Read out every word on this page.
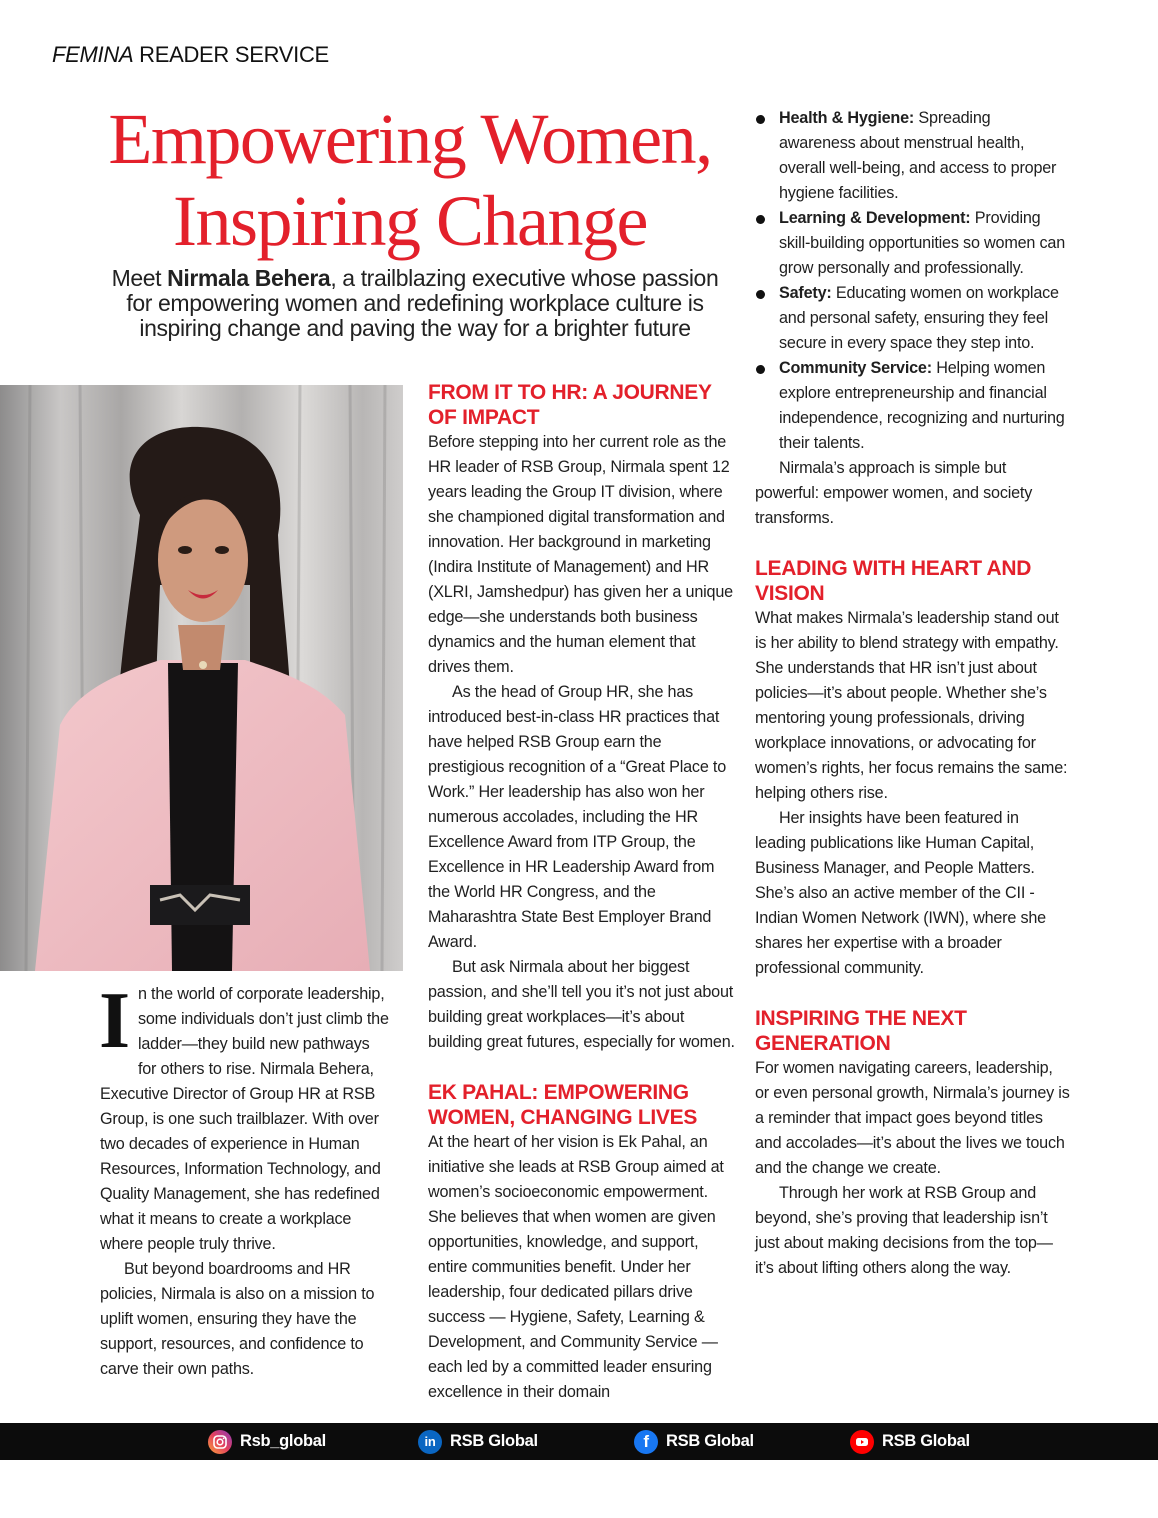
FEMINA READER SERVICE
Empowering Women,
Inspiring Change
Meet Nirmala Behera, a trailblazing executive whose passion for empowering women and redefining workplace culture is inspiring change and paving the way for a brighter future
I n the world of corporate leadership, some individuals don’t just climb the ladder—they build new pathways for others to rise. Nirmala Behera, Executive Director of Group HR at RSB Group, is one such trailblazer. With over two decades of experience in Human Resources, Information Technology, and Quality Management, she has redefined what it means to create a workplace where people truly thrive.

But beyond boardrooms and HR policies, Nirmala is also on a mission to uplift women, ensuring they have the support, resources, and confidence to carve their own paths.

FROM IT TO HR: A JOURNEY OF IMPACT

Before stepping into her current role as the HR leader of RSB Group, Nirmala spent 12 years leading the Group IT division, where she championed digital transformation and innovation. Her background in marketing (Indira Institute of Management) and HR (XLRI, Jamshedpur) has given her a unique edge—she understands both business dynamics and the human element that drives them.

As the head of Group HR, she has introduced best-in-class HR practices that have helped RSB Group earn the prestigious recognition of a “Great Place to Work.” Her leadership has also won her numerous accolades, including the HR Excellence Award from ITP Group, the Excellence in HR Leadership Award from the World HR Congress, and the Maharashtra State Best Employer Brand Award.

But ask Nirmala about her biggest passion, and she’ll tell you it’s not just about building great workplaces—it’s about building great futures, especially for women.

EK PAHAL: EMPOWERING WOMEN, CHANGING LIVES

At the heart of her vision is Ek Pahal, an initiative she leads at RSB Group aimed at women’s socioeconomic empowerment. She believes that when women are given opportunities, knowledge, and support, entire communities benefit. Under her leadership, four dedicated pillars drive success — Hygiene, Safety, Learning & Development, and Community Service — each led by a committed leader ensuring excellence in their domain

Health & Hygiene: Spreading awareness about menstrual health, overall well-being, and access to proper hygiene facilities.
Learning & Development: Providing skill-building opportunities so women can grow personally and professionally.
Safety: Educating women on workplace and personal safety, ensuring they feel secure in every space they step into.
Community Service: Helping women explore entrepreneurship and financial independence, recognizing and nurturing their talents.

Nirmala’s approach is simple but powerful: empower women, and society transforms.

LEADING WITH HEART AND VISION

What makes Nirmala’s leadership stand out is her ability to blend strategy with empathy. She understands that HR isn’t just about policies—it’s about people. Whether she’s mentoring young professionals, driving workplace innovations, or advocating for women’s rights, her focus remains the same: helping others rise.

Her insights have been featured in leading publications like Human Capital, Business Manager, and People Matters. She’s also an active member of the CII - Indian Women Network (IWN), where she shares her expertise with a broader professional community.

INSPIRING THE NEXT GENERATION

For women navigating careers, leadership, or even personal growth, Nirmala’s journey is a reminder that impact goes beyond titles and accolades—it’s about the lives we touch and the change we create.

Through her work at RSB Group and beyond, she’s proving that leadership isn’t just about making decisions from the top—it’s about lifting others along the way.

Rsb_global	in RSB Global	f	RSB Global	RSB Global
